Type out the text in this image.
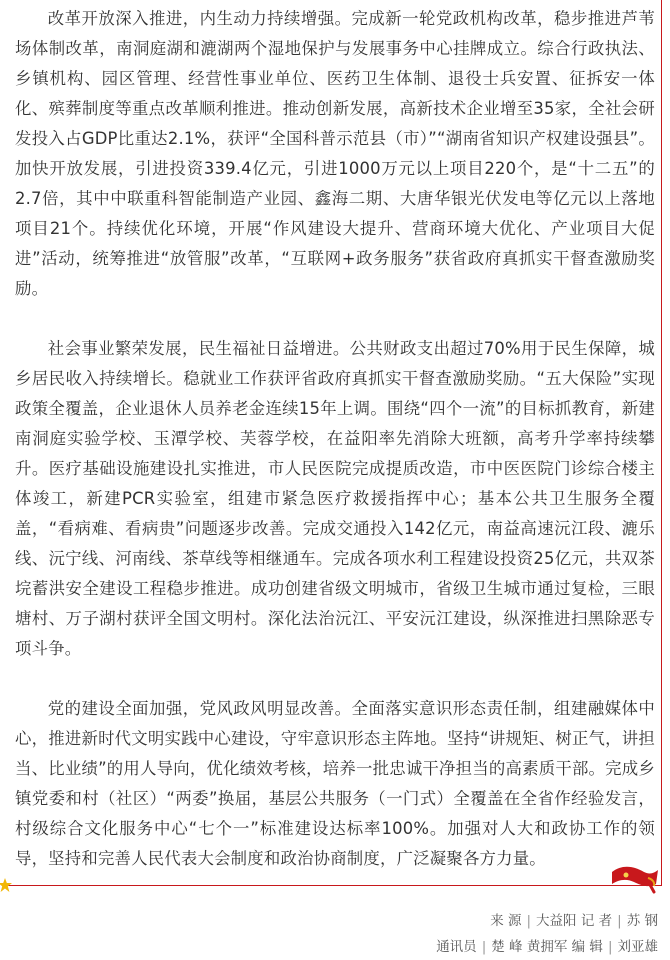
改革开放深入推进，内生动力持续增强。完成新一轮党政机构改革，稳步推进芦苇场体制改革，南洞庭湖和漉湖两个湿地保护与发展事务中心挂牌成立。综合行政执法、乡镇机构、园区管理、经营性事业单位、医药卫生体制、退役士兵安置、征拆安一体化、殡葬制度等重点改革顺利推进。推动创新发展，高新技术企业增至35家，全社会研发投入占GDP比重达2.1%，获评“全国科普示范县（市）”“湖南省知识产权建设强县”。加快开放发展，引进投资339.4亿元，引进1000万元以上项目220个，是“十二五”的2.7倍，其中中联重科智能制造产业园、鑫海二期、大唐华银光伏发电等亿元以上落地项目21个。持续优化环境，开展“作风建设大提升、营商环境大优化、产业项目大促进”活动，统筹推进“放管服”改革，“互联网+政务服务”获省政府真抓实干督查激励奖励。

社会事业繁荣发展，民生福祉日益增进。公共财政支出超过70%用于民生保障，城乡居民收入持续增长。稳就业工作获评省政府真抓实干督查激励奖励。“五大保险”实现政策全覆盖，企业退休人员养老金连续15年上调。围绕“四个一流”的目标抓教育，新建南洞庭实验学校、玉潭学校、芙蓉学校，在益阳率先消除大班额，高考升学率持续攀升。医疗基础设施建设扎实推进，市人民医院完成提质改造，市中医医院门诊综合楼主体竣工，新建PCR实验室，组建市紧急医疗救援指挥中心；基本公共卫生服务全覆盖，“看病难、看病贵”问题逐步改善。完成交通投入142亿元，南益高速沅江段、漉乐线、沅宁线、河南线、茶草线等相继通车。完成各项水利工程建设投资25亿元，共双茶垸蓄洪安全建设工程稳步推进。成功创建省级文明城市，省级卫生城市通过复检，三眼塘村、万子湖村获评全国文明村。深化法治沅江、平安沅江建设，纵深推进扫黑除恶专项斗争。

党的建设全面加强，党风政风明显改善。全面落实意识形态责任制，组建融媒体中心，推进新时代文明实践中心建设，守牢意识形态主阵地。坚持“讲规矩、树正气，讲担当、比业绩”的用人导向，优化绩效考核，培养一批忠诚干净担当的高素质干部。完成乡镇党委和村（社区）“两委”换届，基层公共服务（一门式）全覆盖在全省作经验发言，村级综合文化服务中心“七个一”标准建设达标率100%。加强对人大和政协工作的领导，坚持和完善人民代表大会制度和政治协商制度，广泛凝聚各方力量。

来 源 | 大益阳 记 者 | 苏 钢
通讯员 | 楚 峰 黄拥军 编 辑 | 刘亚雄
